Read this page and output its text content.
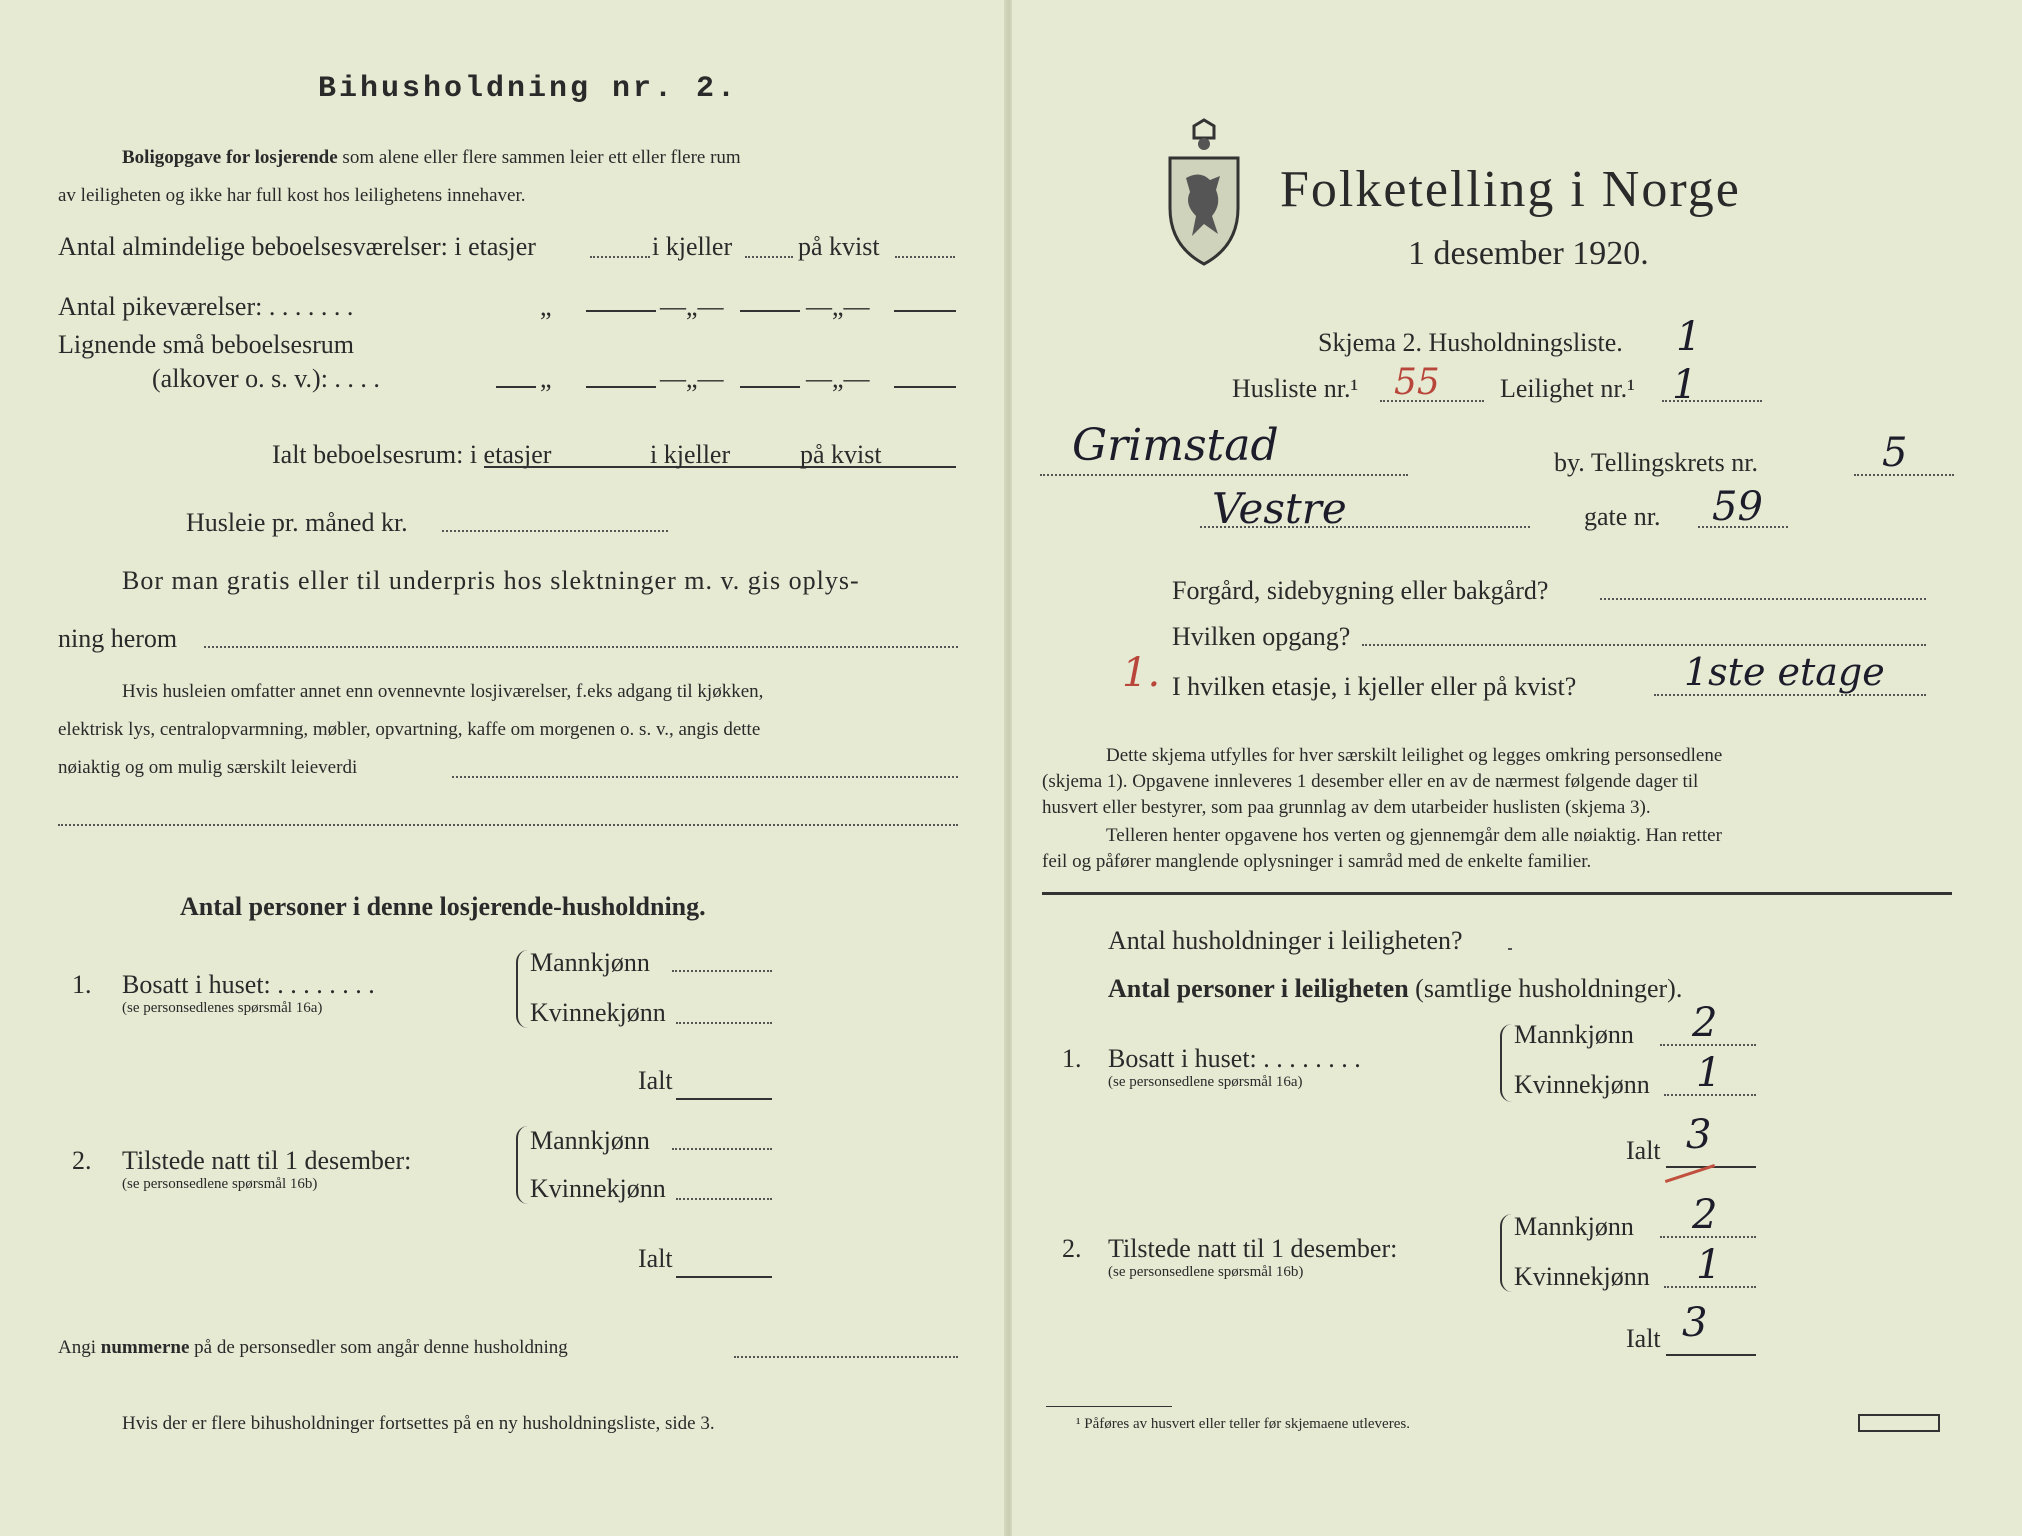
Bihusholdning nr. 2.
Boligopgave for losjerende som alene eller flere sammen leier ett eller flere rum
av leiligheten og ikke har full kost hos leilighetens innehaver.
Antal almindelige beboelsesværelser: i etasjer	i kjeller	på kvist
Antal pikeværelser: . . . . . . .	„	—„—	—„—
Lignende små beboelsesrum
(alkover o. s. v.): . . . .	„	—„—	—„—
Ialt beboelsesrum: i etasjer	i kjeller	på kvist
Husleie pr. måned kr.
Bor man gratis eller til underpris hos slektninger m. v. gis oplys-
ning herom
Hvis husleien omfatter annet enn ovennevnte losjiværelser, f.eks adgang til kjøkken,
elektrisk lys, centralopvarmning, møbler, opvartning, kaffe om morgenen o. s. v., angis dette
nøiaktig og om mulig særskilt leieverdi
Antal personer i denne losjerende-husholdning.
1. Bosatt i huset: . . . . . . . .
(se personsedlenes spørsmål 16a)
Mannkjønn
Kvinnekjønn
Ialt
2. Tilstede natt til 1 desember:
(se personsedlene spørsmål 16b)
Mannkjønn
Kvinnekjønn
Ialt
Angi nummerne på de personsedler som angår denne husholdning
Hvis der er flere bihusholdninger fortsettes på en ny husholdningsliste, side 3.
Folketelling i Norge
1 desember 1920.
Skjema 2. Husholdningsliste. 1
Husliste nr.¹ 55 Leilighet nr.¹ 1
Grimstad	by. Tellingskrets nr.	5
Vestre	gate nr. 59
Forgård, sidebygning eller bakgård?
Hvilken opgang?
1. I hvilken etasje, i kjeller eller på kvist?	1ste etage
Dette skjema utfylles for hver særskilt leilighet og legges omkring personsedlene
(skjema 1). Opgavene innleveres 1 desember eller en av de nærmest følgende dager til
husvert eller bestyrer, som paa grunnlag av dem utarbeider huslisten (skjema 3).
Telleren henter opgavene hos verten og gjennemgår dem alle nøiaktig. Han retter
feil og påfører manglende oplysninger i samråd med de enkelte familier.
Antal husholdninger i leiligheten?
Antal personer i leiligheten (samtlige husholdninger).
1. Bosatt i huset: . . . . . . . .
(se personsedlene spørsmål 16a)
Mannkjønn 2
Kvinnekjønn 1
Ialt 3
2. Tilstede natt til 1 desember:
(se personsedlene spørsmål 16b)
Mannkjønn 2
Kvinnekjønn 1
Ialt 3
¹ Påføres av husvert eller teller før skjemaene utleveres.
